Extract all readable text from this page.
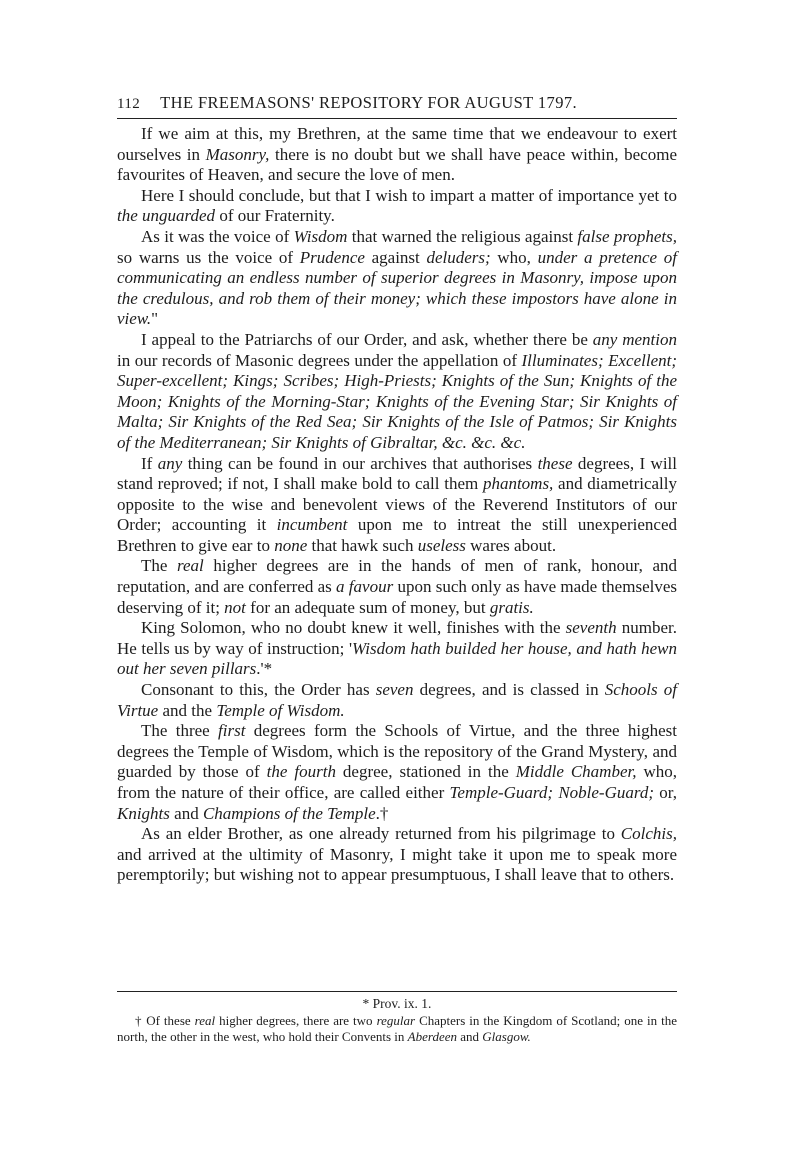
112 THE FREEMASONS' REPOSITORY FOR AUGUST 1797.

If we aim at this, my Brethren, at the same time that we endeavour to exert ourselves in Masonry, there is no doubt but we shall have peace within, become favourites of Heaven, and secure the love of men.

Here I should conclude, but that I wish to impart a matter of importance yet to the unguarded of our Fraternity.

As it was the voice of Wisdom that warned the religious against false prophets, so warns us the voice of Prudence against deluders; who, under a pretence of communicating an endless number of superior degrees in Masonry, impose upon the credulous, and rob them of their money; which these impostors have alone in view."

I appeal to the Patriarchs of our Order, and ask, whether there be any mention in our records of Masonic degrees under the appellation of Illuminates; Excellent; Super-excellent; Kings; Scribes; High-Priests; Knights of the Sun; Knights of the Moon; Knights of the Morning-Star; Knights of the Evening Star; Sir Knights of Malta; Sir Knights of the Red Sea; Sir Knights of the Isle of Patmos; Sir Knights of the Mediterranean; Sir Knights of Gibraltar, &c. &c. &c.

If any thing can be found in our archives that authorises these degrees, I will stand reproved; if not, I shall make bold to call them phantoms, and diametrically opposite to the wise and benevolent views of the Reverend Institutors of our Order; accounting it incumbent upon me to intreat the still unexperienced Brethren to give ear to none that hawk such useless wares about.

The real higher degrees are in the hands of men of rank, honour, and reputation, and are conferred as a favour upon such only as have made themselves deserving of it; not for an adequate sum of money, but gratis.

King Solomon, who no doubt knew it well, finishes with the seventh number. He tells us by way of instruction; 'Wisdom hath builded her house, and hath hewn out her seven pillars.'*

Consonant to this, the Order has seven degrees, and is classed in Schools of Virtue and the Temple of Wisdom.

The three first degrees form the Schools of Virtue, and the three highest degrees the Temple of Wisdom, which is the repository of the Grand Mystery, and guarded by those of the fourth degree, stationed in the Middle Chamber, who, from the nature of their office, are called either Temple-Guard; Noble-Guard; or, Knights and Champions of the Temple.†

As an elder Brother, as one already returned from his pilgrimage to Colchis, and arrived at the ultimity of Masonry, I might take it upon me to speak more peremptorily; but wishing not to appear presumptuous, I shall leave that to others.

* Prov. ix. 1.

† Of these real higher degrees, there are two regular Chapters in the Kingdom of Scotland; one in the north, the other in the west, who hold their Convents in Aberdeen and Glasgow.
